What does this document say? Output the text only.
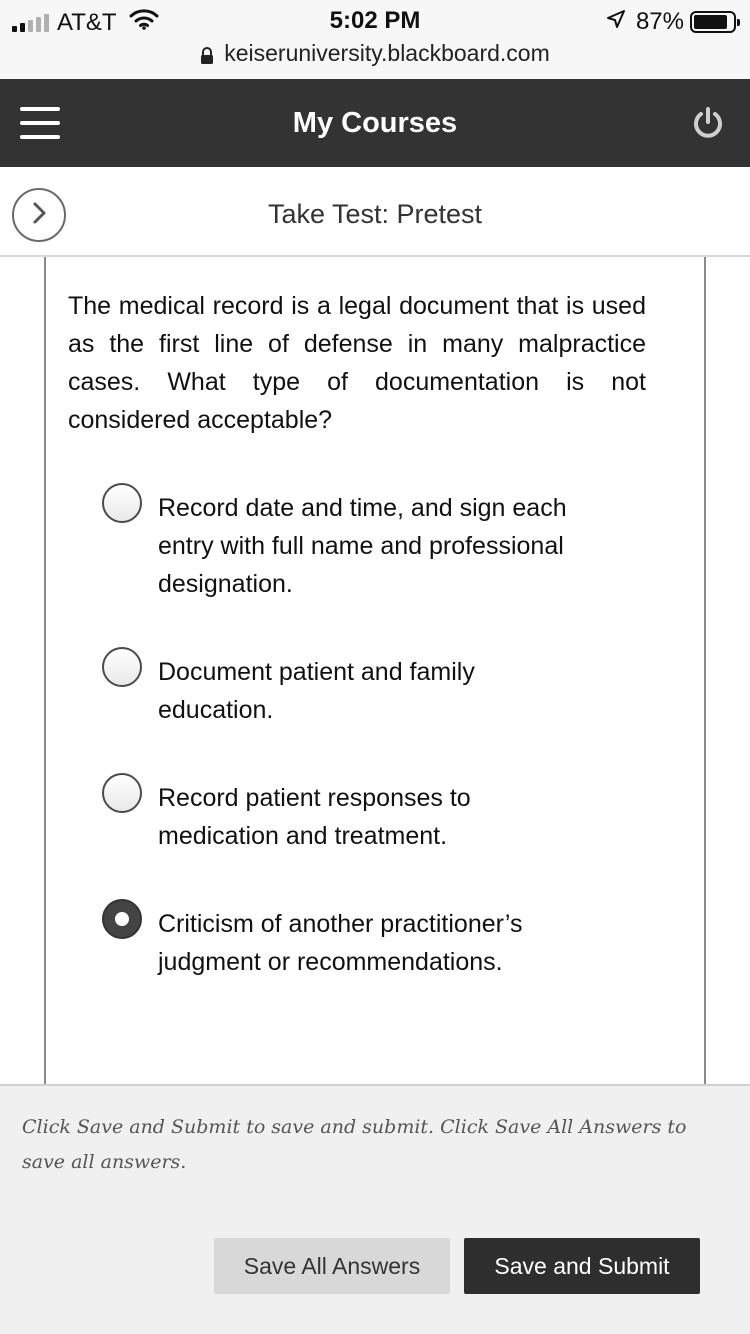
AT&T	5:02 PM	87%
keiseruniversity.blackboard.com
My Courses
Take Test: Pretest
The medical record is a legal document that is used as the first line of defense in many malpractice cases. What type of documentation is not considered acceptable?
Record date and time, and sign each entry with full name and professional designation.
Document patient and family education.
Record patient responses to medication and treatment.
Criticism of another practitioner’s judgment or recommendations.
Click Save and Submit to save and submit. Click Save All Answers to save all answers.
Save All Answers	Save and Submit
